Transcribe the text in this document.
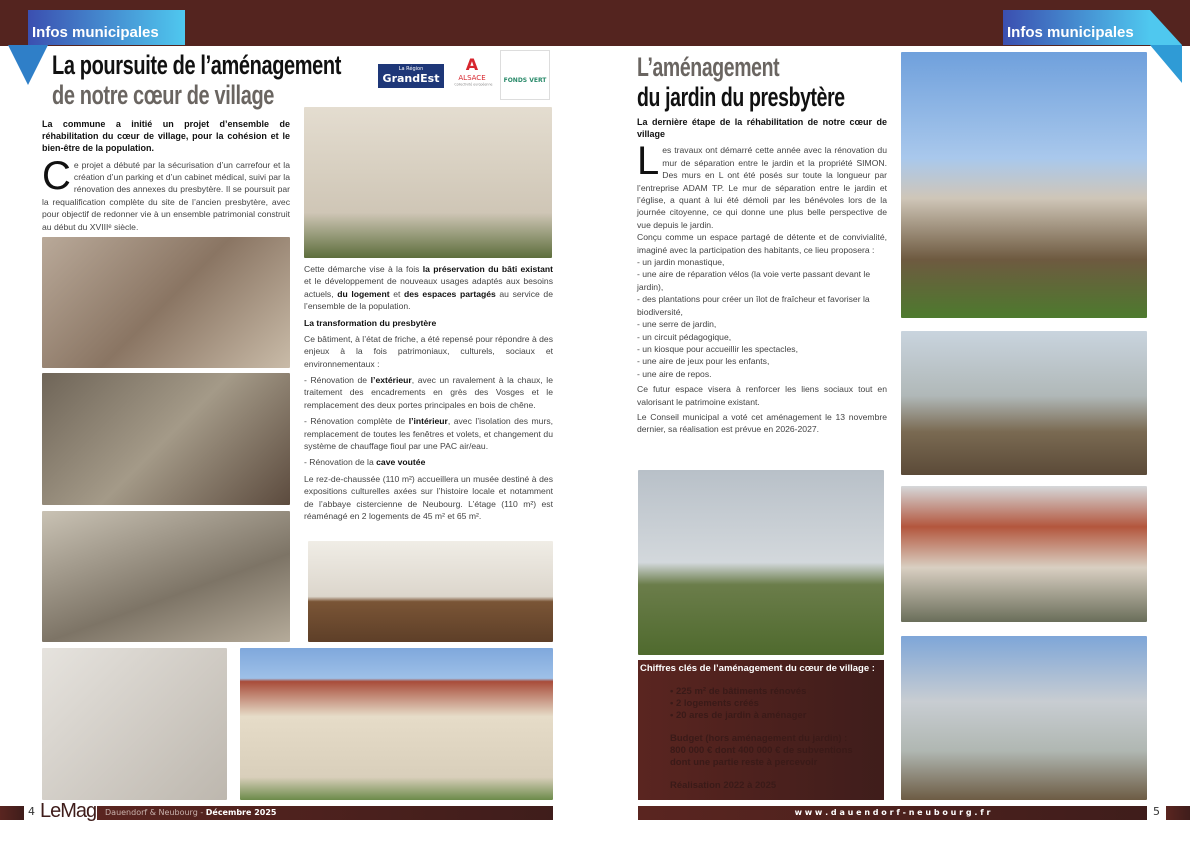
Infos municipales
La poursuite de l’aménagement
de notre cœur de village
La Région
GrandEst
A
ALSACE
Collectivité européenne
FONDS VERT

La commune a initié un projet d’ensemble de réhabilitation du cœur de village, pour la cohésion et le bien-être de la population.

Ce projet a débuté par la sécurisation d’un carrefour et la création d’un parking et d’un cabinet médical, suivi par la rénovation des annexes du presbytère. Il se poursuit par la requalification complète du site de l’ancien presbytère, avec pour objectif de redonner vie à un ensemble patrimonial construit au début du XVIIIᵉ siècle.

Cette démarche vise à la fois la préservation du bâti existant et le développement de nouveaux usages adaptés aux besoins actuels, du logement et des espaces partagés au service de l’ensemble de la population.

La transformation du presbytère

Ce bâtiment, à l’état de friche, a été repensé pour répondre à des enjeux à la fois patrimoniaux, culturels, sociaux et environnementaux :

- Rénovation de l’extérieur, avec un ravalement à la chaux, le traitement des encadrements en grès des Vosges et le remplacement des deux portes principales en bois de chêne.

- Rénovation complète de l’intérieur, avec l’isolation des murs, remplacement de toutes les fenêtres et volets, et changement du système de chauffage fioul par une PAC air/eau.

- Rénovation de la cave voutée

Le rez-de-chaussée (110 m²) accueillera un musée destiné à des expositions culturelles axées sur l’histoire locale et notamment de l’abbaye cistercienne de Neubourg. L’étage (110 m²) est réaménagé en 2 logements de 45 m² et 65 m².

4 LeMag	Dauendorf & Neubourg - Décembre 2025
Infos municipales
L’aménagement
du jardin du presbytère

La dernière étape de la réhabilitation de notre cœur de village

Les travaux ont démarré cette année avec la rénovation du mur de séparation entre le jardin et la propriété SIMON. Des murs en L ont été posés sur toute la longueur par l’entreprise ADAM TP. Le mur de séparation entre le jardin et l’église, a quant à lui été démoli par les bénévoles lors de la journée citoyenne, ce qui donne une plus belle perspective de vue depuis le jardin.

Conçu comme un espace partagé de détente et de convivialité, imaginé avec la participation des habitants, ce lieu proposera :

- un jardin monastique,
- une aire de réparation vélos (la voie verte passant devant le jardin),
- des plantations pour créer un îlot de fraîcheur et favoriser la biodiversité,
- une serre de jardin,
- un circuit pédagogique,
- un kiosque pour accueillir les spectacles,
- une aire de jeux pour les enfants,
- une aire de repos.

Ce futur espace visera à renforcer les liens sociaux tout en valorisant le patrimoine existant.

Le Conseil municipal a voté cet aménagement le 13 novembre dernier, sa réalisation est prévue en 2026-2027.

Chiffres clés de l’aménagement du cœur de village :
• 225 m² de bâtiments rénovés
• 2 logements créés
• 20 ares de jardin à aménager
Budget (hors aménagement du jardin) :
800 000 € dont 400 000 € de subventions
dont une partie reste à percevoir
Réalisation 2022 à 2025
w w w . d a u e n d o r f - n e u b o u r g . f r	5
